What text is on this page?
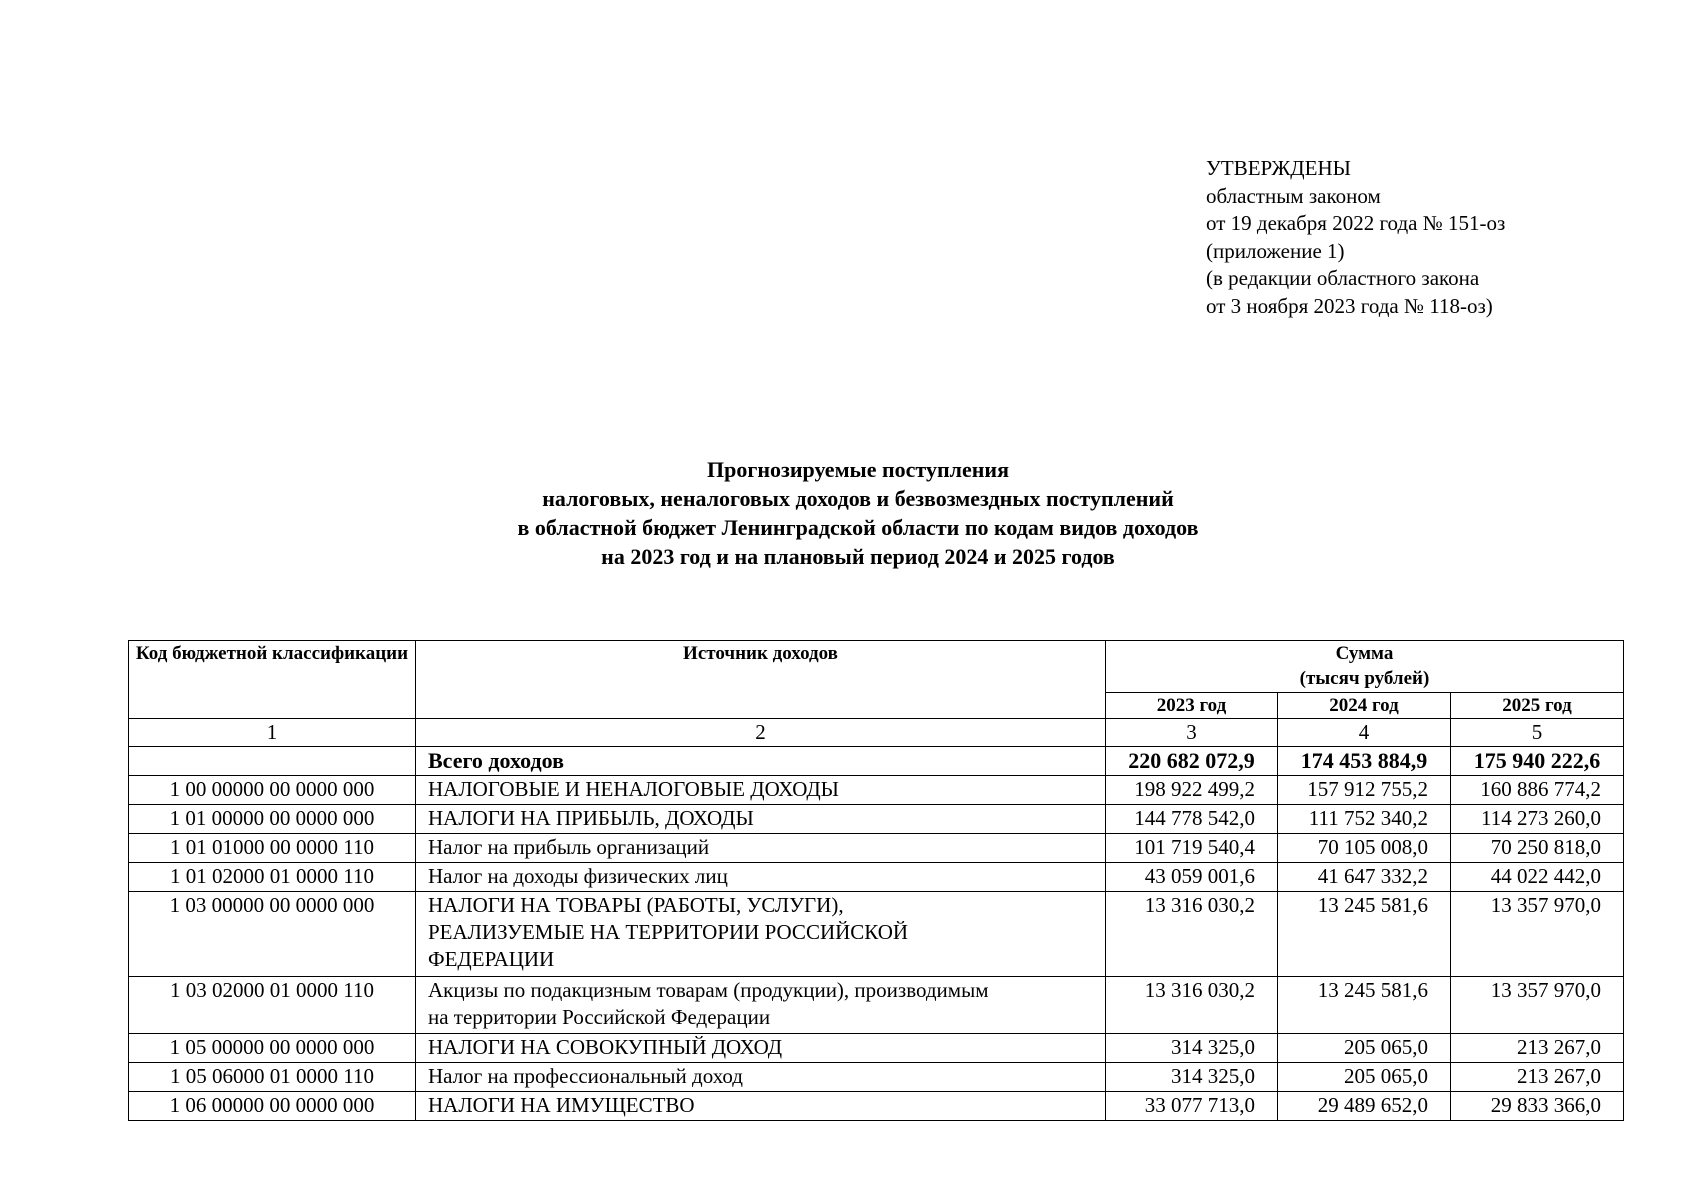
УТВЕРЖДЕНЫ
областным законом
от 19 декабря 2022 года № 151-оз
(приложение 1)
(в редакции областного закона
от 3 ноября 2023 года № 118-оз)
Прогнозируемые поступления
налоговых, неналоговых доходов и безвозмездных поступлений
в областной бюджет Ленинградской области по кодам видов доходов
на 2023 год и на плановый период 2024 и 2025 годов
Код бюджетной классификации	Источник доходов	Сумма
(тысяч рублей)		

		2023 год	2024 год	2025 год
1	2	3	4	5
	Всего доходов	220 682 072,9	174 453 884,9	175 940 222,6
1 00 00000 00 0000 000	НАЛОГОВЫЕ И НЕНАЛОГОВЫЕ ДОХОДЫ	198 922 499,2	157 912 755,2	160 886 774,2
1 01 00000 00 0000 000	НАЛОГИ НА ПРИБЫЛЬ, ДОХОДЫ	144 778 542,0	111 752 340,2	114 273 260,0
1 01 01000 00 0000 110	Налог на прибыль организаций	101 719 540,4	70 105 008,0	70 250 818,0
1 01 02000 01 0000 110	Налог на доходы физических лиц	43 059 001,6	41 647 332,2	44 022 442,0
1 03 00000 00 0000 000	НАЛОГИ НА ТОВАРЫ (РАБОТЫ, УСЛУГИ),
РЕАЛИЗУЕМЫЕ НА ТЕРРИТОРИИ РОССИЙСКОЙ
ФЕДЕРАЦИИ	13 316 030,2	13 245 581,6	13 357 970,0
1 03 02000 01 0000 110	Акцизы по подакцизным товарам (продукции), производимым
на территории Российской Федерации	13 316 030,2	13 245 581,6	13 357 970,0
1 05 00000 00 0000 000	НАЛОГИ НА СОВОКУПНЫЙ ДОХОД	314 325,0	205 065,0	213 267,0
1 05 06000 01 0000 110	Налог на профессиональный доход	314 325,0	205 065,0	213 267,0
1 06 00000 00 0000 000	НАЛОГИ НА ИМУЩЕСТВО	33 077 713,0	29 489 652,0	29 833 366,0
